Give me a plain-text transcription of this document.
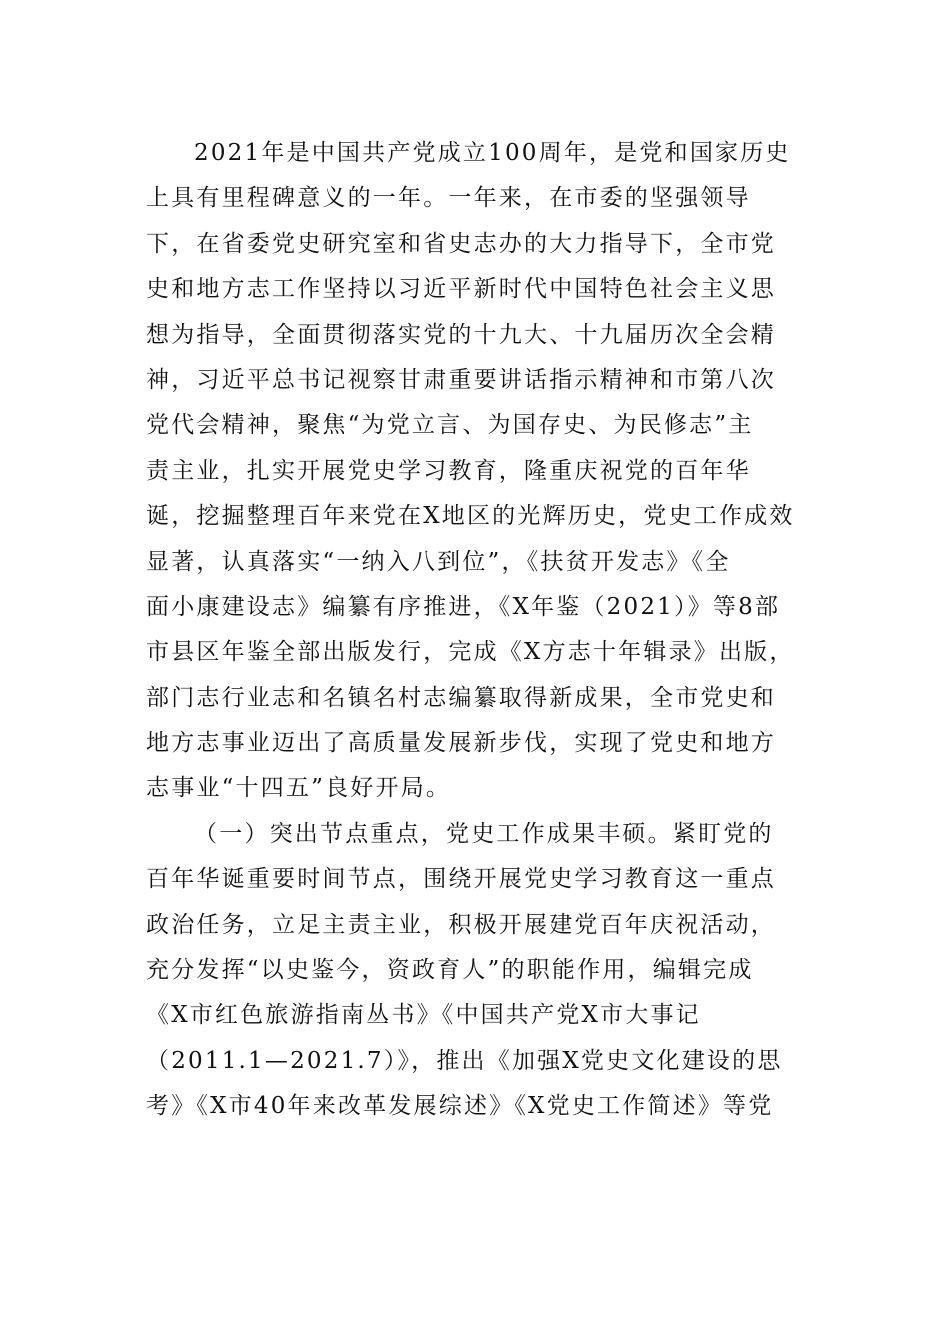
2021年是中国共产党成立100周年，是党和国家历史
上具有里程碑意义的一年。一年来，在市委的坚强领导
下，在省委党史研究室和省史志办的大力指导下，全市党
史和地方志工作坚持以习近平新时代中国特色社会主义思
想为指导，全面贯彻落实党的十九大、十九届历次全会精
神，习近平总书记视察甘肃重要讲话指示精神和市第八次
党代会精神，聚焦“为党立言、为国存史、为民修志”主
责主业，扎实开展党史学习教育，隆重庆祝党的百年华
诞，挖掘整理百年来党在X地区的光辉历史，党史工作成效
显著，认真落实“一纳入八到位”，《扶贫开发志》《全
面小康建设志》编纂有序推进，《X年鉴（2021）》等8部
市县区年鉴全部出版发行，完成《X方志十年辑录》出版，
部门志行业志和名镇名村志编纂取得新成果，全市党史和
地方志事业迈出了高质量发展新步伐，实现了党史和地方
志事业“十四五”良好开局。
（一）突出节点重点，党史工作成果丰硕。紧盯党的
百年华诞重要时间节点，围绕开展党史学习教育这一重点
政治任务，立足主责主业，积极开展建党百年庆祝活动，
充分发挥“以史鉴今，资政育人”的职能作用，编辑完成
《X市红色旅游指南丛书》《中国共产党X市大事记
（2011.1—2021.7）》，推出《加强X党史文化建设的思
考》《X市40年来改革发展综述》《X党史工作简述》等党
